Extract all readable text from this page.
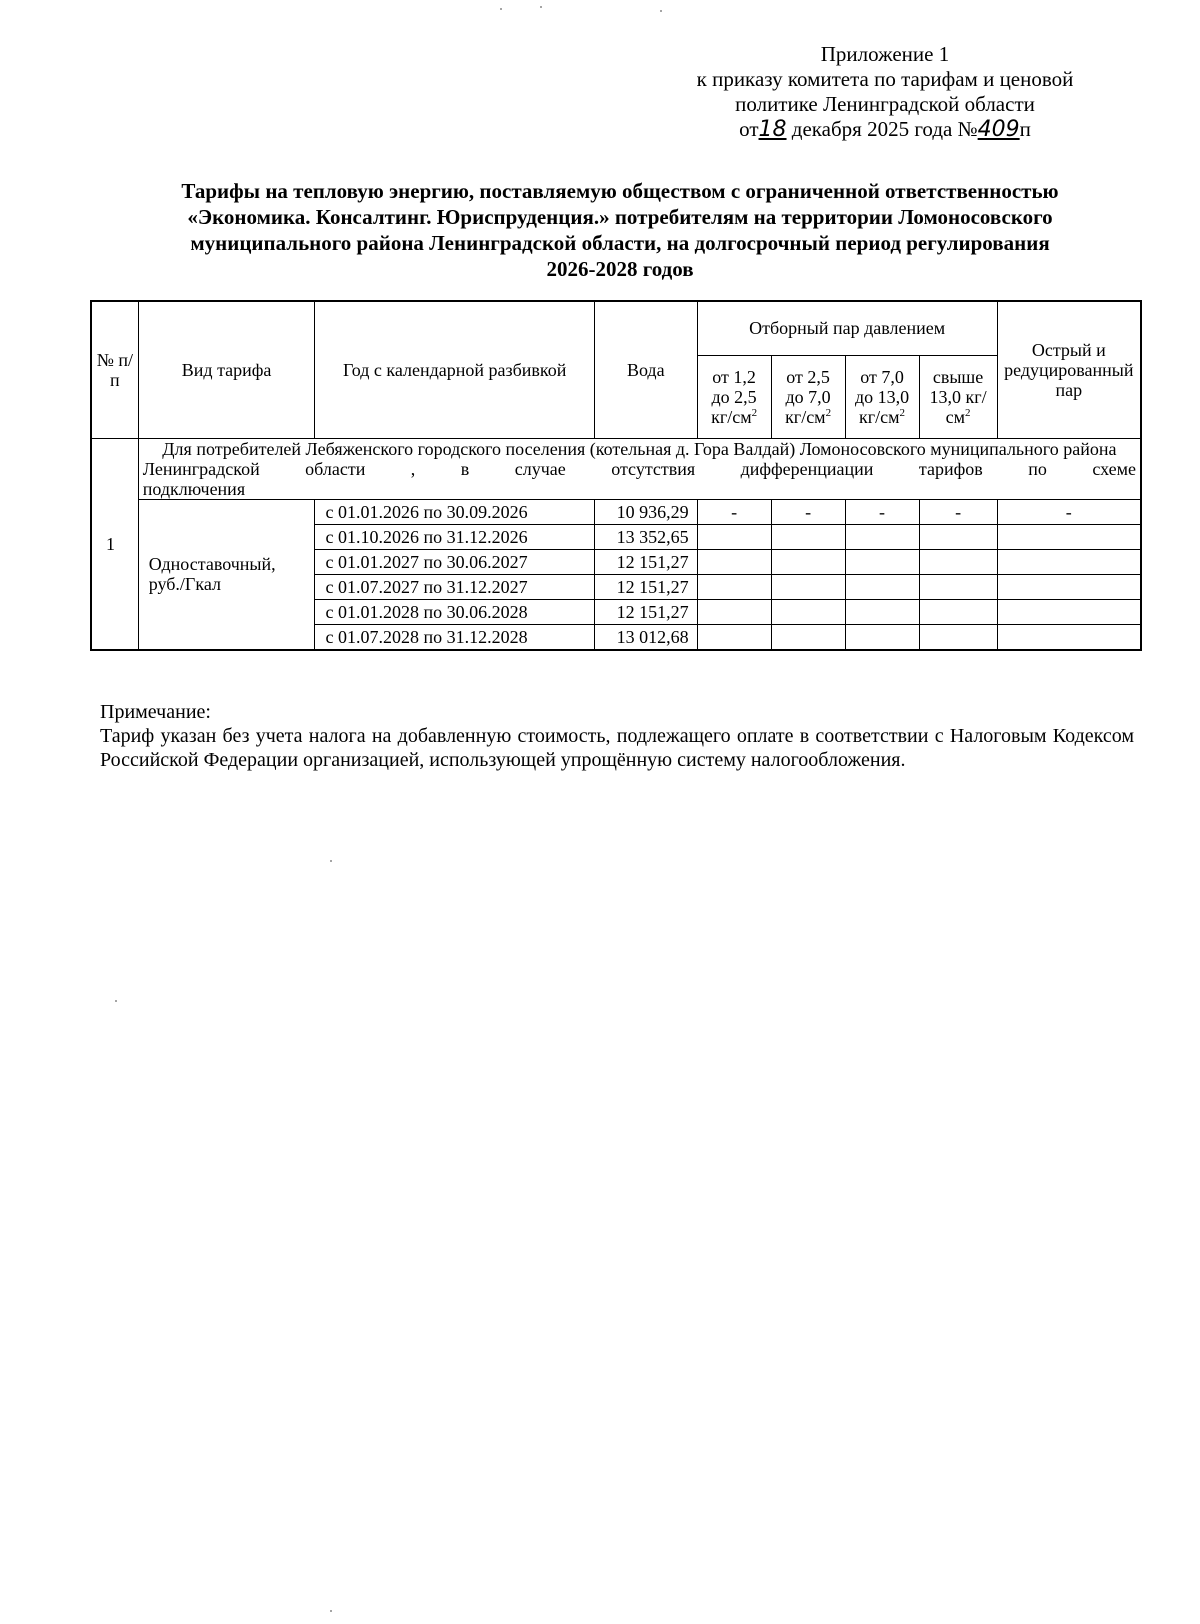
Приложение 1
к приказу комитета по тарифам и ценовой
политике Ленинградской области
от18 декабря 2025 года №409п
Тарифы на тепловую энергию, поставляемую обществом с ограниченной ответственностью
«Экономика. Консалтинг. Юриспруденция.» потребителям на территории Ломоносовского
муниципального района Ленинградской области, на долгосрочный период регулирования
2026-2028 годов
№ п/п	Вид тарифа	Год с календарной разбивкой	Вода	Отборный пар давлением				Острый и редуцированный пар
				от 1,2 до 2,5 $кг/см^2$	от 2,5 до 7,0 $кг/см^2$	от 7,0 до 13,0 $кг/см^2$	свыше 13,0 $кг/см^2$
1	Для потребителей Лебяженского городского поселения (котельная д. Гора Валдай) Ломоносовского муниципального района Ленинградской области , в случае отсутствия дифференциации тарифов по схеме
подключения							

	Одноставочный, руб./Гкал	с 01.01.2026 по 30.09.2026	10 936,29	-	-	-	-	-
		с 01.10.2026 по 31.12.2026	13 352,65					
		с 01.01.2027 по 30.06.2027	12 151,27					
		с 01.07.2027 по 31.12.2027	12 151,27					
		с 01.01.2028 по 30.06.2028	12 151,27					
		с 01.07.2028 по 31.12.2028	13 012,68					
Примечание:
Тариф указан без учета налога на добавленную стоимость, подлежащего оплате в соответствии с Налоговым Кодексом Российской Федерации организацией, использующей упрощённую систему налогообложения.
